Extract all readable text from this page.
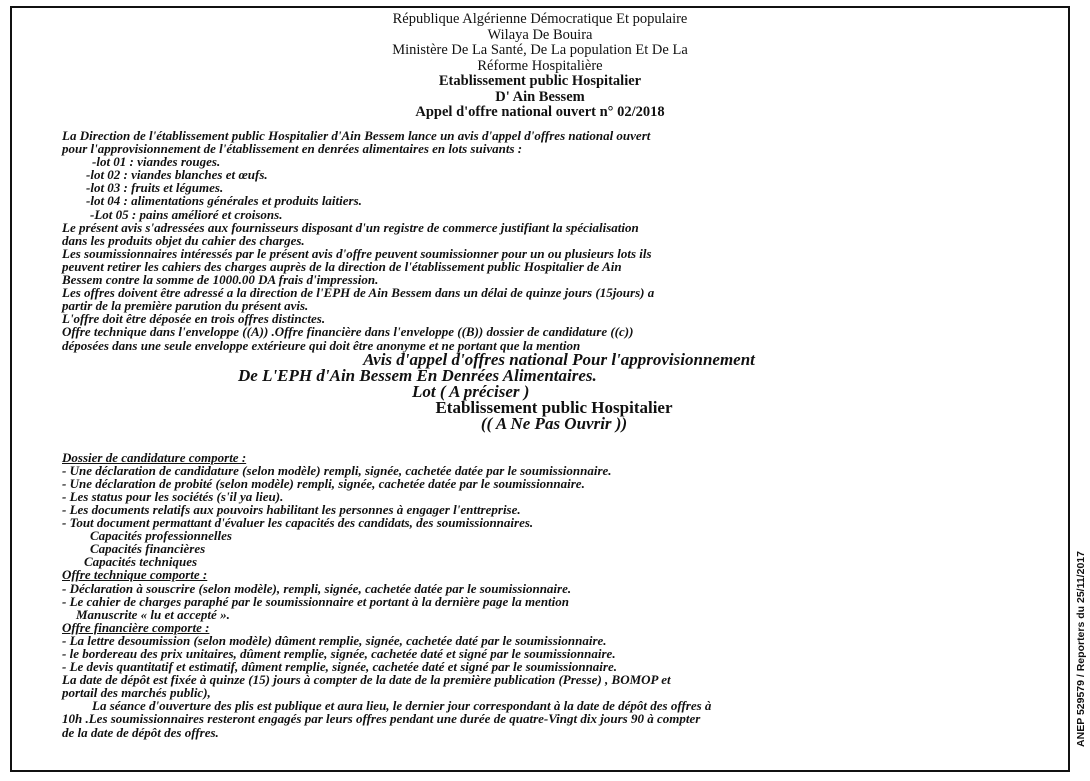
République Algérienne Démocratique Et populaire
Wilaya De Bouira
Ministère De La Santé, De La population Et De La
Réforme Hospitalière
Etablissement public Hospitalier
D' Ain Bessem
Appel d'offre national ouvert n° 02/2018

La Direction de l'établissement public Hospitalier d'Ain Bessem lance un avis d'appel d'offres national ouvert

pour l'approvisionnement de l'établissement en denrées alimentaires en lots suivants :

-lot 01 : viandes rouges.

-lot 02 : viandes blanches et œufs.

-lot 03 : fruits et légumes.

-lot 04 : alimentations générales et produits laitiers.

-Lot 05 : pains amélioré et croisons.

Le présent avis s'adressées aux fournisseurs disposant d'un registre de commerce justifiant la spécialisation

dans les produits objet du cahier des charges.

Les soumissionnaires intéressés par le présent avis d'offre peuvent soumissionner pour un ou plusieurs lots ils

peuvent retirer les cahiers des charges auprès de la direction de l'établissement public Hospitalier de Ain

Bessem contre la somme de 1000.00 DA frais d'impression.

Les offres doivent être adressé a la direction de l'EPH de Ain Bessem dans un délai de quinze jours (15jours) a

partir de la première parution du présent avis.

L'offre doit être déposée en trois offres distinctes.

Offre technique dans l'enveloppe ((A)) .Offre financière dans l'enveloppe ((B)) dossier de candidature ((c))

déposées dans une seule enveloppe extérieure qui doit être anonyme et ne portant que la mention

Avis d'appel d'offres national Pour l'approvisionnement

De L'EPH d'Ain Bessem En Denrées Alimentaires.

Lot ( A préciser )

Etablissement public Hospitalier

(( A Ne Pas Ouvrir ))

Dossier de candidature comporte :

- Une déclaration de candidature (selon modèle) rempli, signée, cachetée datée par le soumissionnaire.

- Une déclaration de probité (selon modèle) rempli, signée, cachetée datée par le soumissionnaire.

- Les status pour les sociétés (s'il ya lieu).

- Les documents relatifs aux pouvoirs habilitant les personnes à engager l'enttreprise.

- Tout document permattant d'évaluer les capacités des candidats, des soumissionnaires.

Capacités professionnelles

Capacités financières

Capacités techniques

Offre technique comporte :

- Déclaration à souscrire (selon modèle), rempli, signée, cachetée datée par le soumissionnaire.

- Le cahier de charges paraphé par le soumissionnaire et portant à la dernière page la mention

Manuscrite « lu et accepté ».

Offre financière comporte :

- La lettre desoumission (selon modèle) dûment remplie, signée, cachetée daté par le soumissionnaire.

- le bordereau des prix unitaires, dûment remplie, signée, cachetée daté et signé par le soumissionnaire.

- Le devis quantitatif et estimatif, dûment remplie, signée, cachetée daté et signé par le soumissionnaire.

La date de dépôt est fixée à quinze (15) jours à compter de la date de la première publication (Presse) , BOMOP et

portail des marchés public),

La séance d'ouverture des plis est publique et aura lieu, le dernier jour correspondant à la date de dépôt des offres à

10h .Les soumissionnaires resteront engagés par leurs offres pendant une durée de quatre-Vingt dix jours 90 à compter

de la date de dépôt des offres.	ANEP 529579 / Reporters du 25/11/2017
